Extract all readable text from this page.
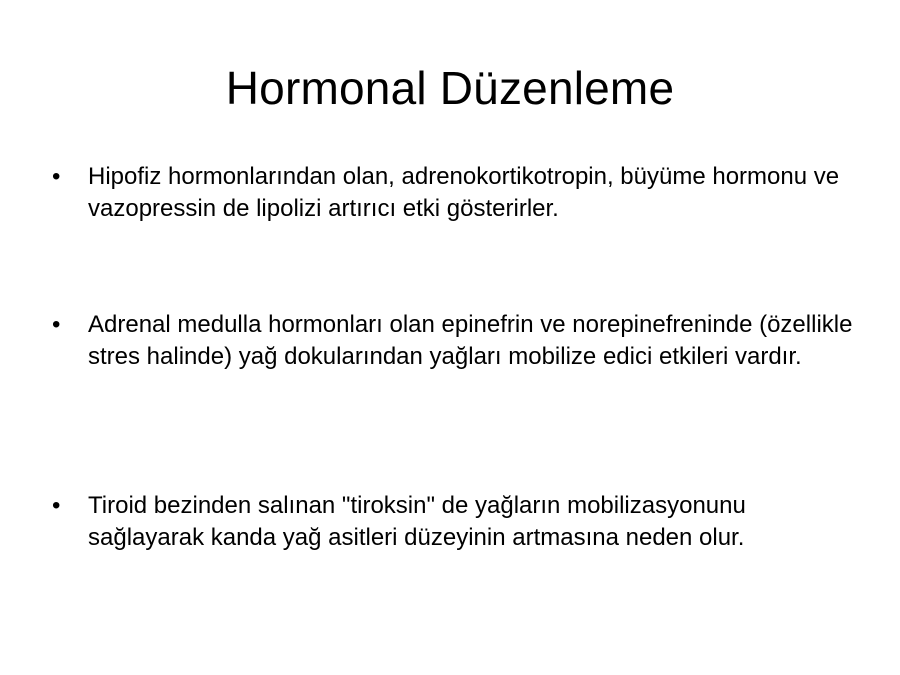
Hormonal Düzenleme
• Hipofiz hormonlarından olan, adrenokortikotropin, büyüme hormonu ve vazopressin de lipolizi artırıcı etki gösterirler.

• Adrenal medulla hormonları olan epinefrin ve norepinefreninde (özellikle stres halinde) yağ dokularından yağları mobilize edici etkileri vardır.

• Tiroid bezinden salınan "tiroksin" de yağların mobilizasyonunu sağlayarak kanda yağ asitleri düzeyinin artmasına neden olur.
